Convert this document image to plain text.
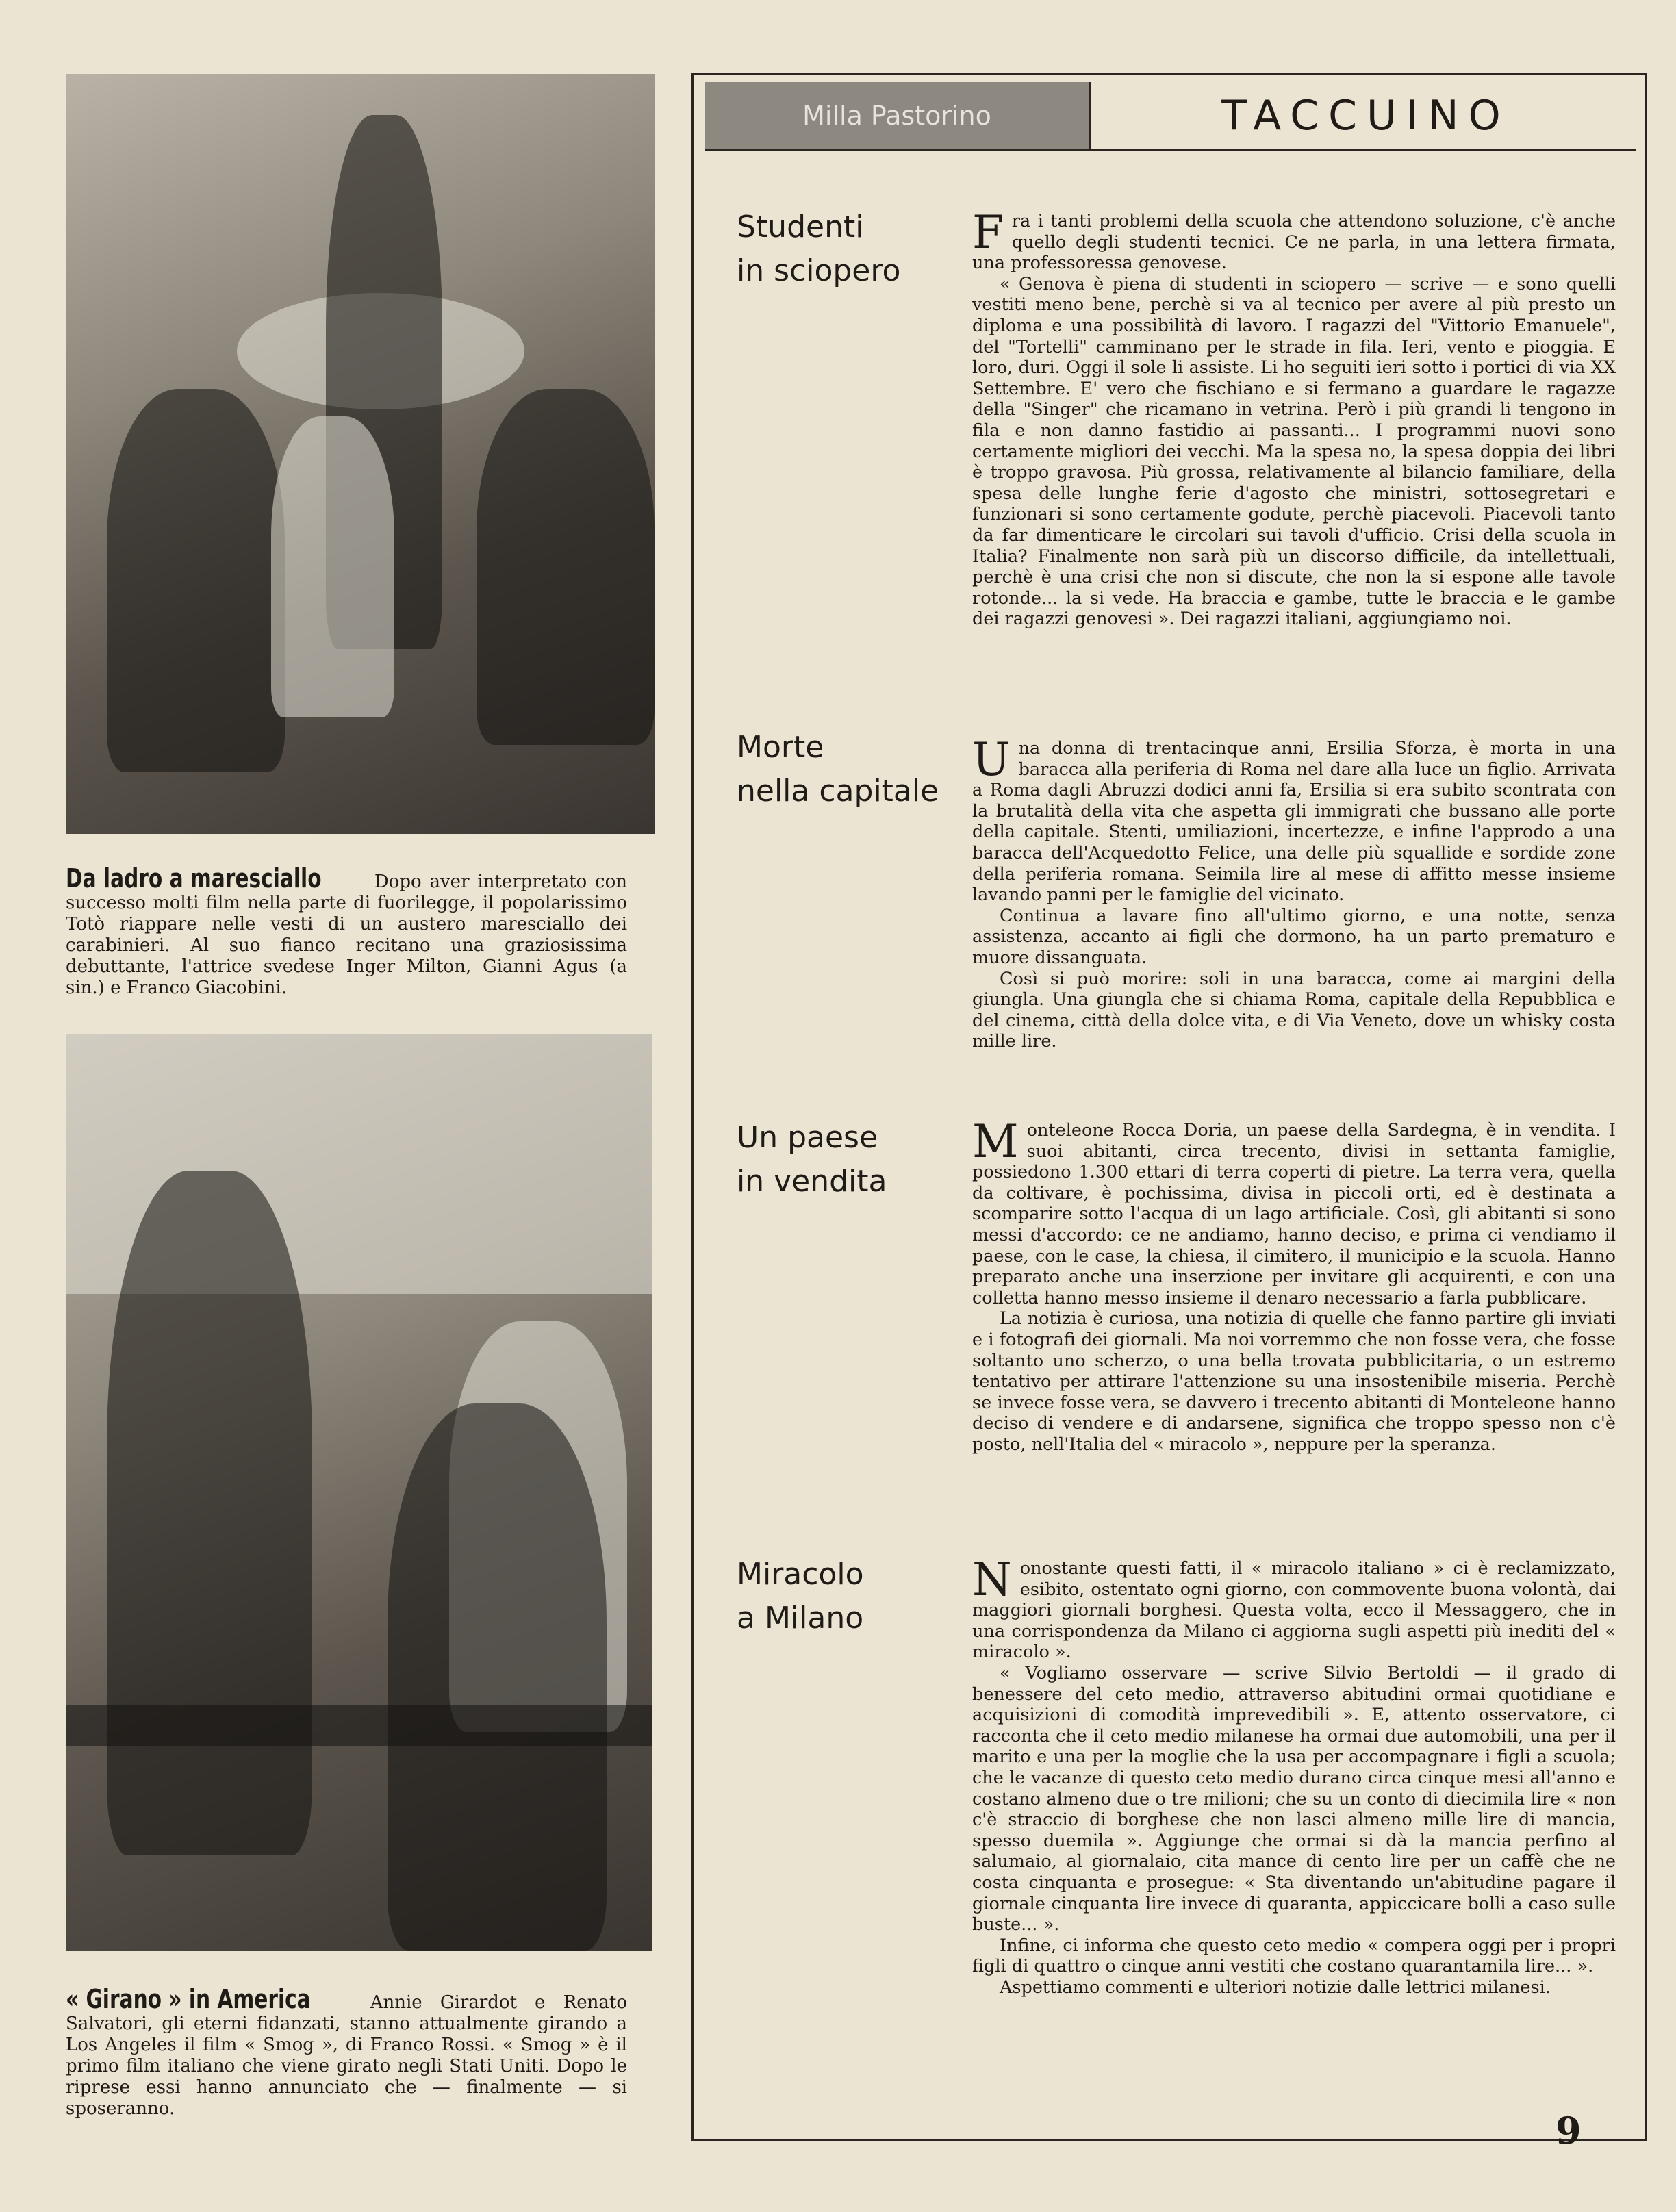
Da ladro a maresciallo	Dopo aver interpretato con successo molti film nella parte di fuorilegge, il popolarissimo Totò riappare nelle vesti di un austero maresciallo dei carabinieri. Al suo fianco recitano una graziosissima debuttante, l'attrice svedese Inger Milton, Gianni Agus (a sin.) e Franco Giacobini.
« Girano » in America	Annie Girardot e Renato Salvatori, gli eterni fidanzati, stanno attualmente girando a Los Angeles il film « Smog », di Franco Rossi. « Smog » è il primo film italiano che viene girato negli Stati Uniti. Dopo le riprese essi hanno annunciato che — finalmente — si sposeranno.
Milla Pastorino	TACCUINO
Studenti
in sciopero

Fra i tanti problemi della scuola che attendono soluzione, c'è anche quello degli studenti tecnici. Ce ne parla, in una lettera firmata, una professoressa genovese.

« Genova è piena di studenti in sciopero — scrive — e sono quelli vestiti meno bene, perchè si va al tecnico per avere al più presto un diploma e una possibilità di lavoro. I ragazzi del "Vittorio Emanuele", del "Tortelli" camminano per le strade in fila. Ieri, vento e pioggia. E loro, duri. Oggi il sole li assiste. Li ho seguiti ieri sotto i portici di via XX Settembre. E' vero che fischiano e si fermano a guardare le ragazze della "Singer" che ricamano in vetrina. Però i più grandi li tengono in fila e non danno fastidio ai passanti... I programmi nuovi sono certamente migliori dei vecchi. Ma la spesa no, la spesa doppia dei libri è troppo gravosa. Più grossa, relativamente al bilancio familiare, della spesa delle lunghe ferie d'agosto che ministri, sottosegretari e funzionari si sono certamente godute, perchè piacevoli. Piacevoli tanto da far dimenticare le circolari sui tavoli d'ufficio. Crisi della scuola in Italia? Finalmente non sarà più un discorso difficile, da intellettuali, perchè è una crisi che non si discute, che non la si espone alle tavole rotonde... la si vede. Ha braccia e gambe, tutte le braccia e le gambe dei ragazzi genovesi ». Dei ragazzi italiani, aggiungiamo noi.

Morte
nella capitale

Una donna di trentacinque anni, Ersilia Sforza, è morta in una baracca alla periferia di Roma nel dare alla luce un figlio. Arrivata a Roma dagli Abruzzi dodici anni fa, Ersilia si era subito scontrata con la brutalità della vita che aspetta gli immigrati che bussano alle porte della capitale. Stenti, umiliazioni, incertezze, e infine l'approdo a una baracca dell'Acquedotto Felice, una delle più squallide e sordide zone della periferia romana. Seimila lire al mese di affitto messe insieme lavando panni per le famiglie del vicinato.

Continua a lavare fino all'ultimo giorno, e una notte, senza assistenza, accanto ai figli che dormono, ha un parto prematuro e muore dissanguata.

Così si può morire: soli in una baracca, come ai margini della giungla. Una giungla che si chiama Roma, capitale della Repubblica e del cinema, città della dolce vita, e di Via Veneto, dove un whisky costa mille lire.

Un paese
in vendita

Monteleone Rocca Doria, un paese della Sardegna, è in vendita. I suoi abitanti, circa trecento, divisi in settanta famiglie, possiedono 1.300 ettari di terra coperti di pietre. La terra vera, quella da coltivare, è pochissima, divisa in piccoli orti, ed è destinata a scomparire sotto l'acqua di un lago artificiale. Così, gli abitanti si sono messi d'accordo: ce ne andiamo, hanno deciso, e prima ci vendiamo il paese, con le case, la chiesa, il cimitero, il municipio e la scuola. Hanno preparato anche una inserzione per invitare gli acquirenti, e con una colletta hanno messo insieme il denaro necessario a farla pubblicare.

La notizia è curiosa, una notizia di quelle che fanno partire gli inviati e i fotografi dei giornali. Ma noi vorremmo che non fosse vera, che fosse soltanto uno scherzo, o una bella trovata pubblicitaria, o un estremo tentativo per attirare l'attenzione su una insostenibile miseria. Perchè se invece fosse vera, se davvero i trecento abitanti di Monteleone hanno deciso di vendere e di andarsene, significa che troppo spesso non c'è posto, nell'Italia del « miracolo », neppure per la speranza.

Miracolo
a Milano

Nonostante questi fatti, il « miracolo italiano » ci è reclamizzato, esibito, ostentato ogni giorno, con commovente buona volontà, dai maggiori giornali borghesi. Questa volta, ecco il Messaggero, che in una corrispondenza da Milano ci aggiorna sugli aspetti più inediti del « miracolo ».

« Vogliamo osservare — scrive Silvio Bertoldi — il grado di benessere del ceto medio, attraverso abitudini ormai quotidiane e acquisizioni di comodità imprevedibili ». E, attento osservatore, ci racconta che il ceto medio milanese ha ormai due automobili, una per il marito e una per la moglie che la usa per accompagnare i figli a scuola; che le vacanze di questo ceto medio durano circa cinque mesi all'anno e costano almeno due o tre milioni; che su un conto di diecimila lire « non c'è straccio di borghese che non lasci almeno mille lire di mancia, spesso duemila ». Aggiunge che ormai si dà la mancia perfino al salumaio, al giornalaio, cita mance di cento lire per un caffè che ne costa cinquanta e prosegue: « Sta diventando un'abitudine pagare il giornale cinquanta lire invece di quaranta, appiccicare bolli a caso sulle buste... ».

Infine, ci informa che questo ceto medio « compera oggi per i propri figli di quattro o cinque anni vestiti che costano quarantamila lire... ».

Aspettiamo commenti e ulteriori notizie dalle lettrici milanesi.

9
